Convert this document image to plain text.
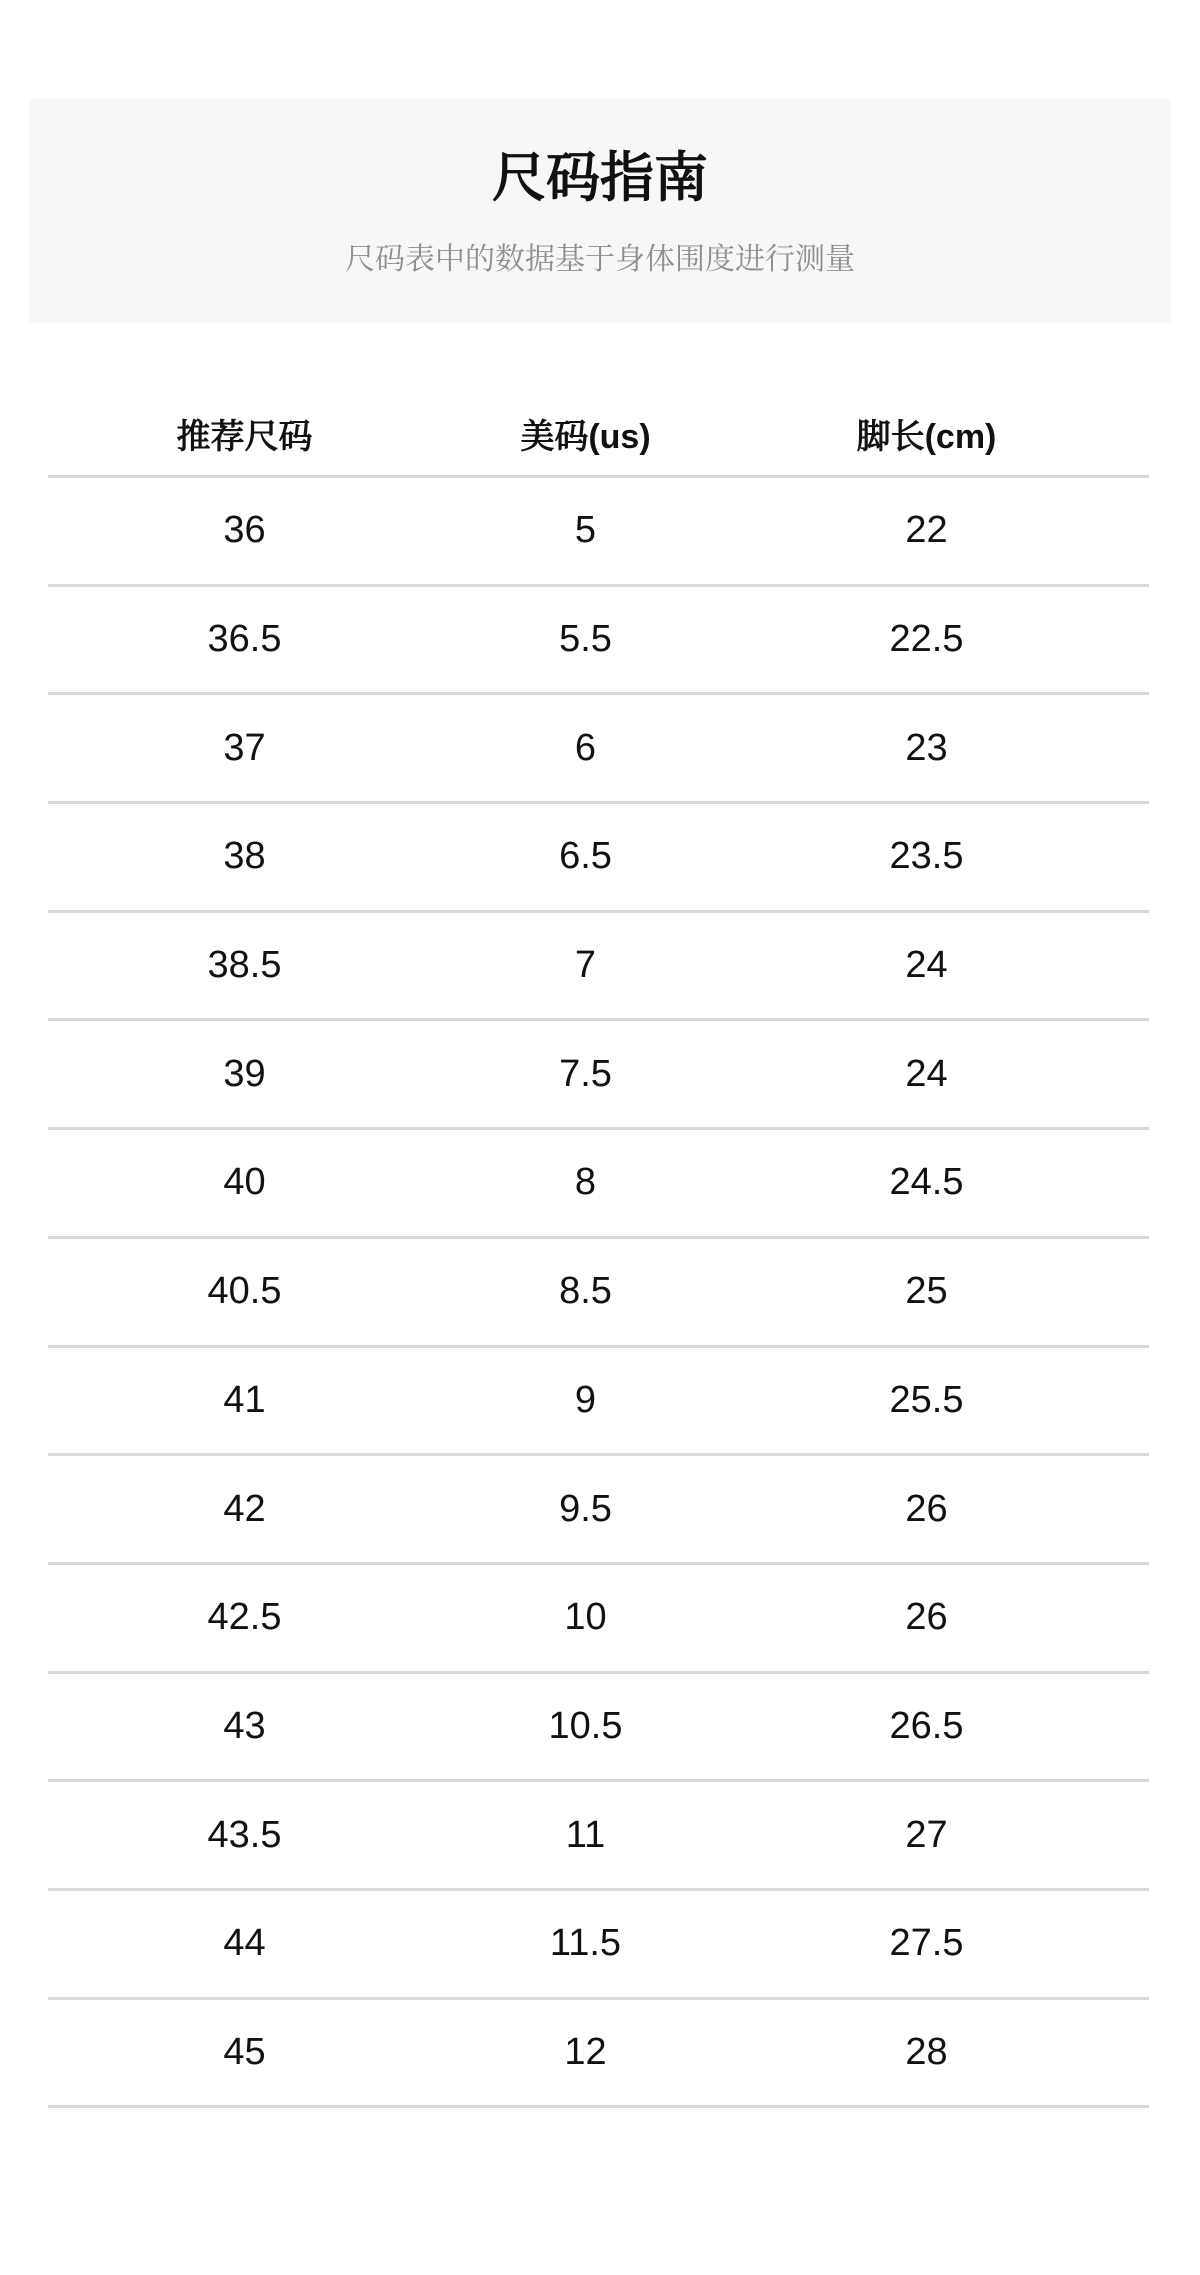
尺码指南
尺码表中的数据基于身体围度进行测量
推荐尺码	美码(us)	脚长(cm)
36	5	22
36.5	5.5	22.5
37	6	23
38	6.5	23.5
38.5	7	24
39	7.5	24
40	8	24.5
40.5	8.5	25
41	9	25.5
42	9.5	26
42.5	10	26
43	10.5	26.5
43.5	11	27
44	11.5	27.5
45	12	28
